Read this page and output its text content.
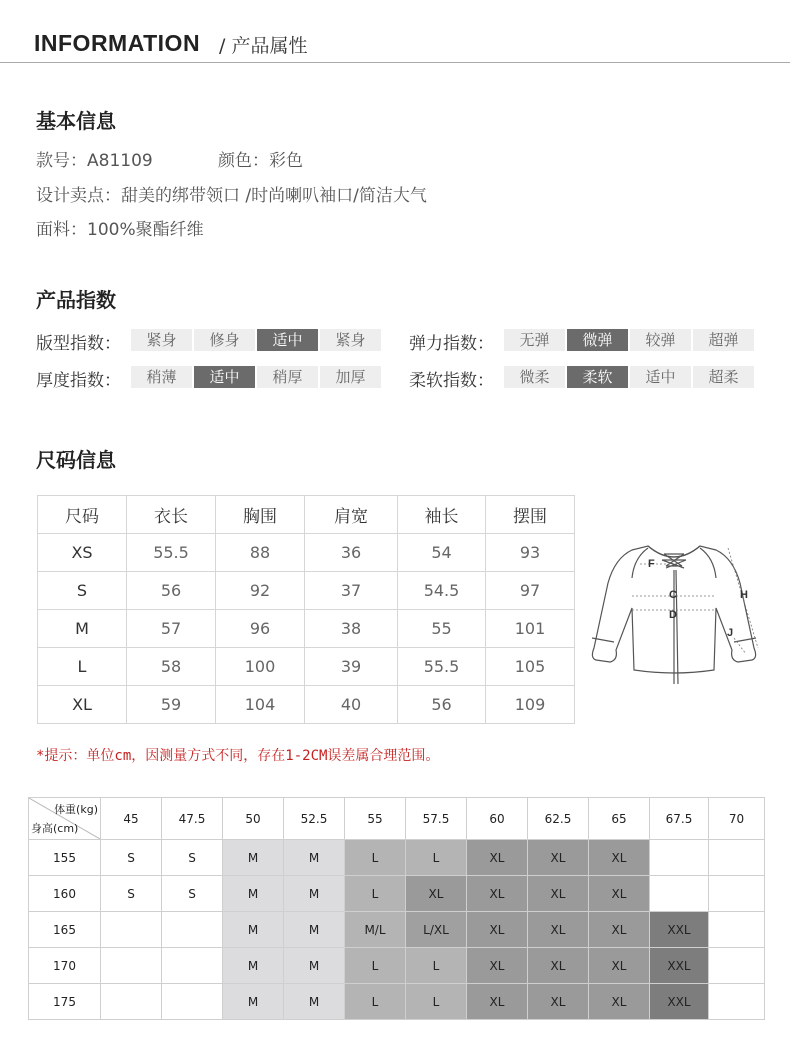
INFORMATION / 产品属性
基本信息
款号：A81109	颜色：彩色
设计卖点：甜美的绑带领口 /时尚喇叭袖口/简洁大气
面料：100%聚酯纤维
产品指数
版型指数：	紧身	修身	适中	紧身	弹力指数：	无弹	微弹	较弹	超弹
厚度指数：	稍薄	适中	稍厚	加厚	柔软指数：	微柔	柔软	适中	超柔
尺码信息
尺码	衣长	胸围	肩宽	袖长	摆围
XS	55.5	88	36	54	93
S	56	92	37	54.5	97
M	57	96	38	55	101
L	58	100	39	55.5	105
XL	59	104	40	56	109
F
C
D
H
J
*提示：单位cm，因测量方式不同，存在1-2CM误差属合理范围。
体重(kg)
身高(cm)	45	47.5	50	52.5	55	57.5	60	62.5	65	67.5	70
155	S	S	M	M	L	L	XL	XL	XL		
160	S	S	M	M	L	XL	XL	XL	XL		
165			M	M	M/L	L/XL	XL	XL	XL	XXL	
170			M	M	L	L	XL	XL	XL	XXL	
175			M	M	L	L	XL	XL	XL	XXL	
